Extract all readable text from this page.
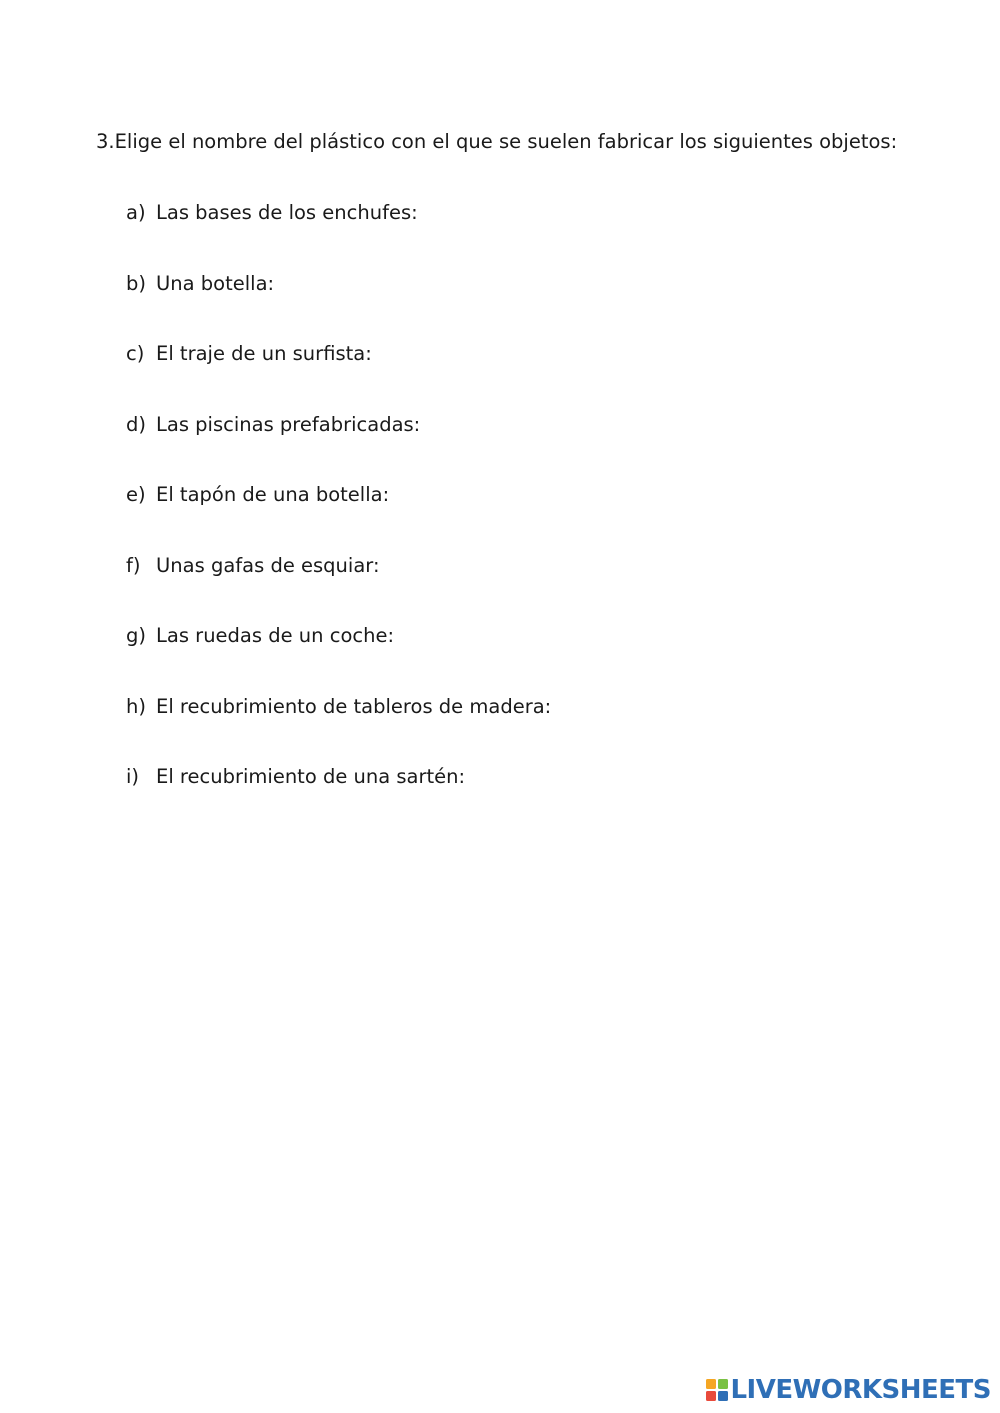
3.Elige el nombre del plástico con el que se suelen fabricar los siguientes objetos:

a) Las bases de los enchufes:
b) Una botella:
c) El traje de un surfista:
d) Las piscinas prefabricadas:
e) El tapón de una botella:
f) Unas gafas de esquiar:
g) Las ruedas de un coche:
h) El recubrimiento de tableros de madera:
i) El recubrimiento de una sartén:
LIVEWORKSHEETS
